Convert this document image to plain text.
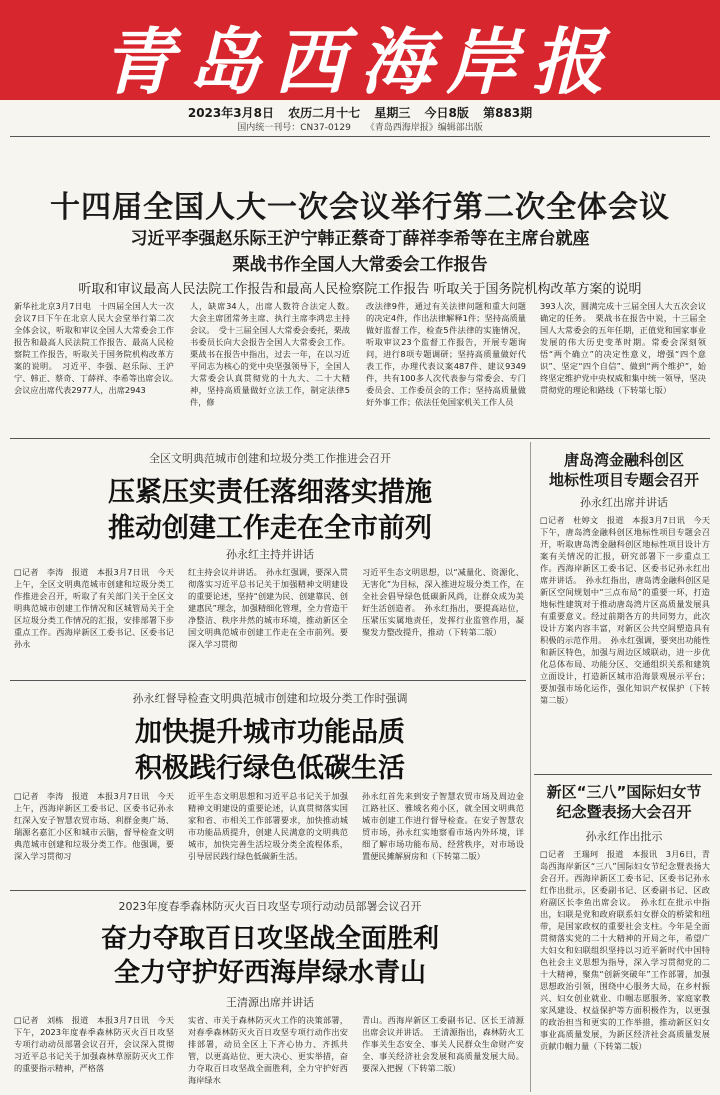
青岛西海岸报
2023年3月8日 农历二月十七 星期三 今日8版 第883期
国内统一刊号：CN37-0129 《青岛西海岸报》编辑部出版
十四届全国人大一次会议举行第二次全体会议
习近平李强赵乐际王沪宁韩正蔡奇丁薛祥李希等在主席台就座
栗战书作全国人大常委会工作报告
听取和审议最高人民法院工作报告和最高人民检察院工作报告 听取关于国务院机构改革方案的说明
新华社北京3月7日电　十四届全国人大一次会议7日下午在北京人民大会堂举行第二次全体会议，听取和审议全国人大常委会工作报告和最高人民法院工作报告、最高人民检察院工作报告，听取关于国务院机构改革方案的说明。　习近平、李强、赵乐际、王沪宁、韩正、蔡奇、丁薛祥、李希等出席会议。　会议应出席代表2977人，出席2943
人，缺席34人，出席人数符合法定人数。　大会主席团常务主席、执行主席李鸿忠主持会议。　受十三届全国人大常委会委托，栗战书委员长向大会报告全国人大常委会工作。栗战书在报告中指出，过去一年，在以习近平同志为核心的党中央坚强领导下，全国人大常委会认真贯彻党的十九大、二十大精神，坚持高质量做好立法工作，制定法律5件，修
改法律9件，通过有关法律问题和重大问题的决定4件，作出法律解释1件；坚持高质量做好监督工作，检查5件法律的实施情况，听取审议23个监督工作报告，开展专题询问，进行8项专题调研；坚持高质量做好代表工作，办理代表议案487件、建议9349件，共有100多人次代表参与常委会、专门委员会、工作委员会的工作；坚持高质量做好外事工作；依法任免国家机关工作人员
393人次，圆满完成十三届全国人大五次会议确定的任务。　栗战书在报告中说，十三届全国人大常委会的五年任期，正值党和国家事业发展的伟大历史变革时期。常委会深刻领悟“两个确立”的决定性意义，增强“四个意识”、坚定“四个自信”、做到“两个维护”，始终坚定维护党中央权威和集中统一领导，坚决贯彻党的理论和路线（下转第七版）
全区文明典范城市创建和垃圾分类工作推进会召开
压紧压实责任落细落实措施
推动创建工作走在全市前列
孙永红主持并讲话
□记者　李涛　报道　本报3月7日讯　今天上午，全区文明典范城市创建和垃圾分类工作推进会召开，听取了有关部门关于全区文明典范城市创建工作情况和区城管局关于全区垃圾分类工作情况的汇报，安排部署下步重点工作。西海岸新区工委书记、区委书记孙永
红主持会议并讲话。　孙永红强调，要深入贯彻落实习近平总书记关于加强精神文明建设的重要论述，坚持“创建为民、创建靠民、创建惠民”理念，加强精细化管理，全力营造干净整洁、秩序井然的城市环境，推动新区全国文明典范城市创建工作走在全市前列。要深入学习贯彻
习近平生态文明思想，以“减量化、资源化、无害化”为目标，深入推进垃圾分类工作，在全社会倡导绿色低碳新风尚，让群众成为美好生活创造者。　孙永红指出，要提高站位，压紧压实属地责任，发挥行业监管作用，凝聚发力整改提升，推动（下转第二版）
孙永红督导检查文明典范城市创建和垃圾分类工作时强调
加快提升城市功能品质
积极践行绿色低碳生活
□记者　李涛　报道　本报3月7日讯　今天上午，西海岸新区工委书记、区委书记孙永红深入安子智慧农贸市场、利群金奥广场、瑞源名嘉汇小区和城市云脑，督导检查文明典范城市创建和垃圾分类工作。他强调，要深入学习贯彻习
近平生态文明思想和习近平总书记关于加强精神文明建设的重要论述，认真贯彻落实国家和省、市相关工作部署要求，加快推动城市功能品质提升，创建人民满意的文明典范城市，加快完善生活垃圾分类全流程体系，引导居民践行绿色低碳新生活。
孙永红首先来到安子智慧农贸市场及周边金江路社区、雅域名苑小区，就全国文明典范城市创建工作进行督导检查。在安子智慧农贸市场，孙永红实地察看市场内外环境，详细了解市场功能布局、经营秩序，对市场设置便民摊解厨房和（下转第二版）
2023年度春季森林防灭火百日攻坚专项行动动员部署会议召开
奋力夺取百日攻坚战全面胜利
全力守护好西海岸绿水青山
王清源出席并讲话
□记者　刘栋　报道　本报3月7日讯　今天下午，2023年度春季森林防灭火百日攻坚专项行动动员部署会议召开，会议深入贯彻习近平总书记关于加强森林草原防灭火工作的重要指示精神，严格落
实省、市关于森林防灭火工作的决策部署，对春季森林防灭火百日攻坚专项行动作出安排部署，动员全区上下齐心协力、齐抓共管，以更高站位、更大决心、更实举措，奋力夺取百日攻坚战全面胜利，全力守护好西海岸绿水
青山。西海岸新区工委副书记、区长王清源出席会议并讲话。　王清源指出，森林防火工作事关生态安全、事关人民群众生命财产安全、事关经济社会发展和高质量发展大局。要深入把握（下转第二版）
唐岛湾金融科创区
地标性项目专题会召开
孙永红出席并讲话
□记者　杜婷文　报道　本报3月7日讯　今天下午，唐岛湾金融科创区地标性项目专题会召开，听取唐岛湾金融科创区地标性项目设计方案有关情况的汇报，研究部署下一步重点工作。西海岸新区工委书记、区委书记孙永红出席并讲话。　孙永红指出，唐岛湾金融科创区是新区空间规划中“三点布局”的重要一环，打造地标性建筑对于推动唐岛湾片区高质量发展具有重要意义。经过前期各方的共同努力，此次设计方案内容丰富，对新区公共空间塑造具有积极的示范作用。　孙永红强调，要突出功能性和新区特色，加强与周边区域联动，进一步优化总体布局、功能分区、交通组织关系和建筑立面设计，打造新区城市沿海景观展示平台；要加强市场化运作，强化知识产权保护（下转第二版）
新区“三八”国际妇女节
纪念暨表扬大会召开
孙永红作出批示
□记者　王瑞珂　报道　本报讯　3月6日，青岛西海岸新区“三八”国际妇女节纪念暨表扬大会召开。西海岸新区工委书记、区委书记孙永红作出批示，区委副书记、区委副书记、区政府副区长李鱼出席会议。　孙永红在批示中指出，妇联是党和政府联系妇女群众的桥梁和纽带，是国家政权的重要社会支柱。今年是全面贯彻落实党的二十大精神的开局之年，希望广大妇女和妇联组织坚持以习近平新时代中国特色社会主义思想为指导，深入学习贯彻党的二十大精神，聚焦“创新突破年”工作部署，加强思想政治引领，围绕中心服务大局，在乡村振兴、妇女创业就业、巾帼志愿服务、家庭家教家风建设、权益保护等方面积极作为，以更强的政治担当和更实的工作举措，推动新区妇女事业高质量发展，为新区经济社会高质量发展贡献巾帼力量（下转第二版）
